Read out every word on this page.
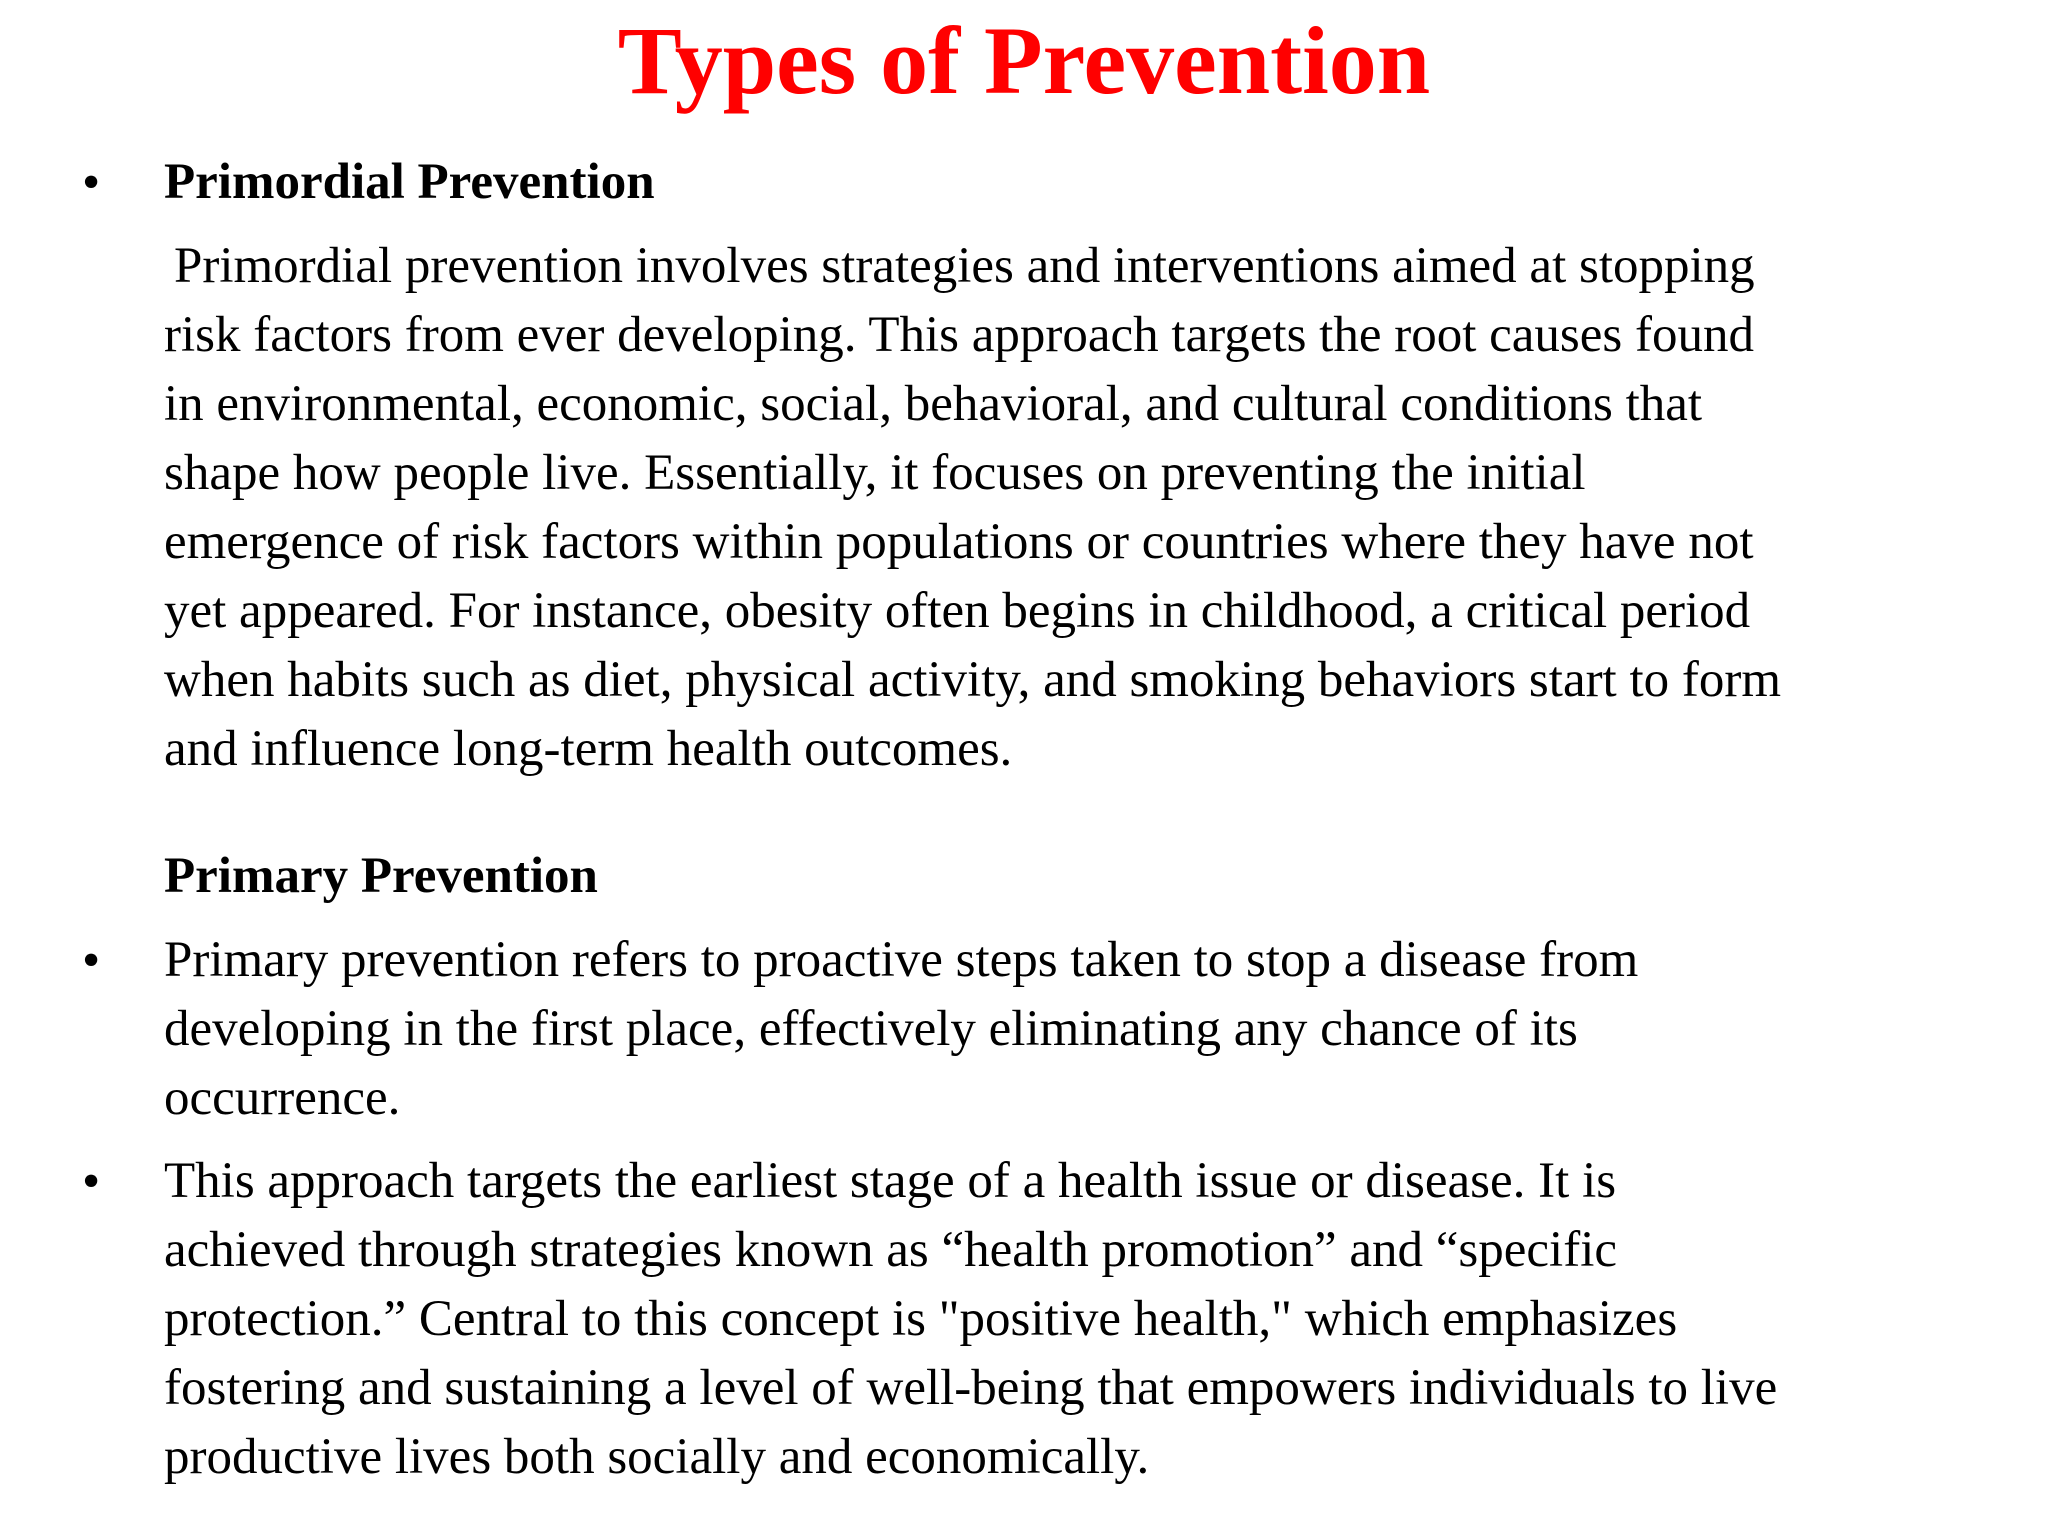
Types of Prevention
• Primordial Prevention
Primordial prevention involves strategies and interventions aimed at stopping
risk factors from ever developing. This approach targets the root causes found
in environmental, economic, social, behavioral, and cultural conditions that
shape how people live. Essentially, it focuses on preventing the initial
emergence of risk factors within populations or countries where they have not
yet appeared. For instance, obesity often begins in childhood, a critical period
when habits such as diet, physical activity, and smoking behaviors start to form
and influence long-term health outcomes.
Primary Prevention
• Primary prevention refers to proactive steps taken to stop a disease from
developing in the first place, effectively eliminating any chance of its
occurrence.
• This approach targets the earliest stage of a health issue or disease. It is
achieved through strategies known as “health promotion” and “specific
protection.” Central to this concept is "positive health," which emphasizes
fostering and sustaining a level of well-being that empowers individuals to live
productive lives both socially and economically.
